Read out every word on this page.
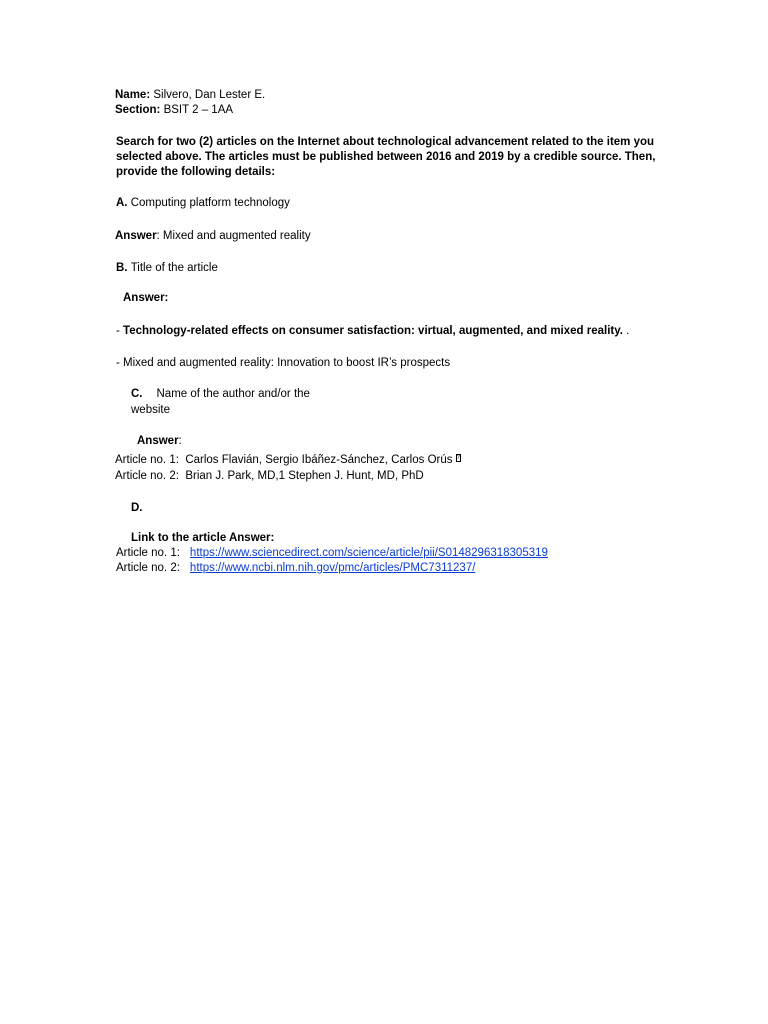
Name: Silvero, Dan Lester E.
Section: BSIT 2 – 1AA
Search for two (2) articles on the Internet about technological advancement related to the item you selected above. The articles must be published between 2016 and 2019 by a credible source. Then, provide the following details:
A. Computing platform technology
Answer: Mixed and augmented reality
B. Title of the article
Answer:
- Technology-related effects on consumer satisfaction: virtual, augmented, and mixed reality. .
- Mixed and augmented reality: Innovation to boost IR’s prospects
C. Name of the author and/or the
website
Answer:
Article no. 1: Carlos Flavián, Sergio Ibáñez-Sánchez, Carlos Orús ?
Article no. 2: Brian J. Park, MD,1 Stephen J. Hunt, MD, PhD
D.
Link to the article Answer:
Article no. 1: https://www.sciencedirect.com/science/article/pii/S0148296318305319
Article no. 2: https://www.ncbi.nlm.nih.gov/pmc/articles/PMC7311237/
